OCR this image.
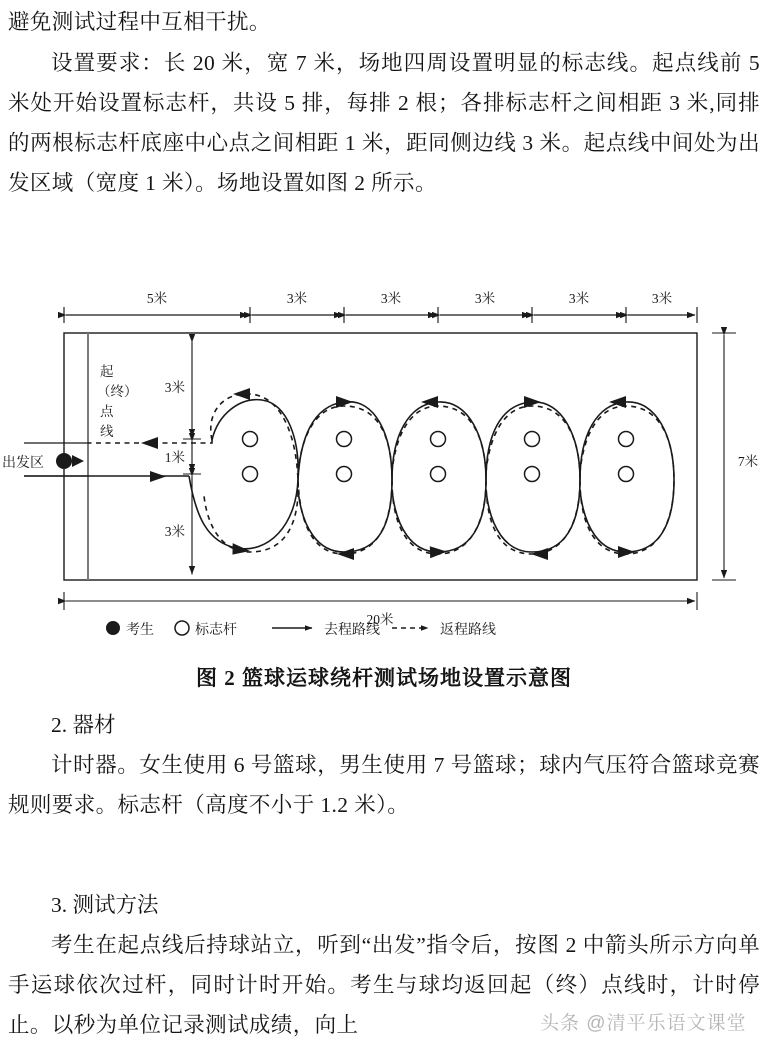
避免测试过程中互相干扰。
设置要求：长 20 米，宽 7 米，场地四周设置明显的标志线。起点线前 5 米处开始设置标志杆，共设 5 排，每排 2 根；各排标志杆之间相距 3 米,同排的两根标志杆底座中心点之间相距 1 米，距同侧边线 3 米。起点线中间处为出发区域（宽度 1 米）。场地设置如图 2 所示。
5米	3米	3米	3米	3米	3米
3米
1米
3米
7米
20米
起
（终）
点
线
出发区
考生	标志杆	去程路线	返程路线
图 2 篮球运球绕杆测试场地设置示意图
2. 器材
计时器。女生使用 6 号篮球，男生使用 7 号篮球；球内气压符合篮球竞赛规则要求。标志杆（高度不小于 1.2 米）。
3. 测试方法
考生在起点线后持球站立，听到“出发”指令后，按图 2 中箭头所示方向单手运球依次过杆，同时计时开始。考生与球均返回起（终）点线时，计时停止。以秒为单位记录测试成绩，向上	头条 @清平乐语文课堂
